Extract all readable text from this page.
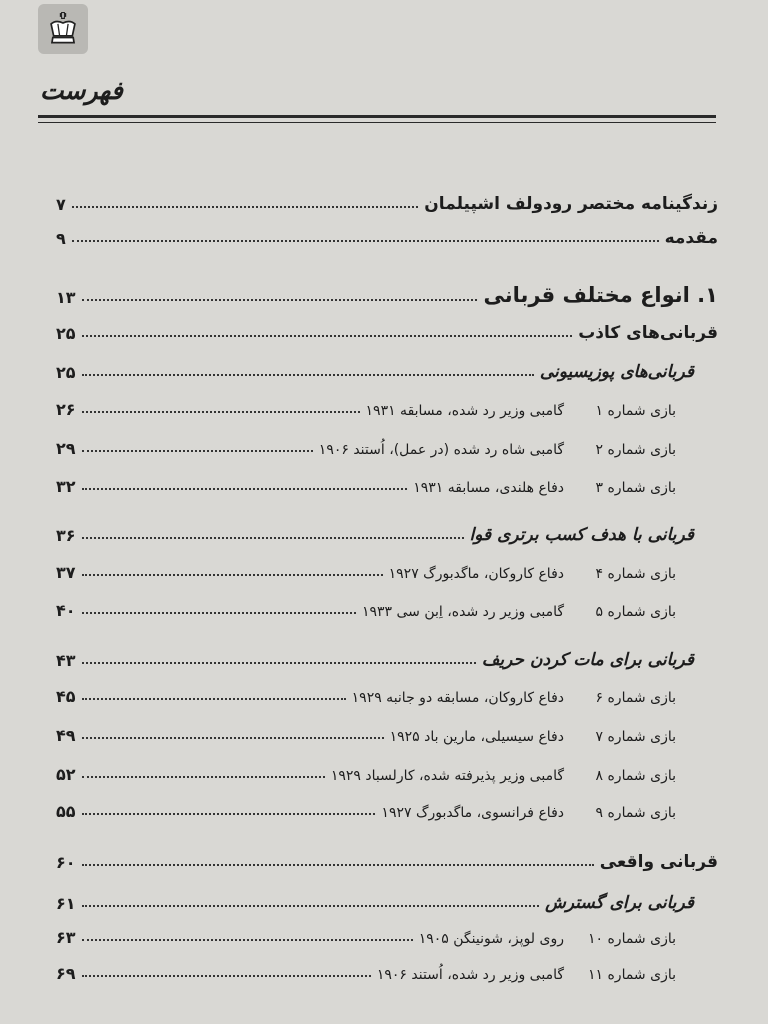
فهرست
زندگینامه مختصر رودولف اشپیلمان
۷
مقدمه
۹
۱. انواع مختلف قربانی
۱۳
قربانی‌های کاذب
۲۵
قربانی‌های پوزیسیونی
۲۵
بازی شماره ۱
گامبی وزیر رد شده، مسابقه ۱۹۳۱
۲۶
بازی شماره ۲
گامبی شاه رد شده (در عمل)، اُستند ۱۹۰۶
۲۹
بازی شماره ۳
دفاع هلندی، مسابقه ۱۹۳۱
۳۲
قربانی با هدف کسب برتری قوا
۳۶
بازی شماره ۴
دفاع کاروکان، ماگدبورگ ۱۹۲۷
۳۷
بازی شماره ۵
گامبی وزیر رد شده، اِبن سی ۱۹۳۳
۴۰
قربانی برای مات کردن حریف
۴۳
بازی شماره ۶
دفاع کاروکان، مسابقه دو جانبه ۱۹۲۹
۴۵
بازی شماره ۷
دفاع سیسیلی، مارین باد ۱۹۲۵
۴۹
بازی شماره ۸
گامبی وزیر پذیرفته شده، کارلسباد ۱۹۲۹
۵۲
بازی شماره ۹
دفاع فرانسوی، ماگدبورگ ۱۹۲۷
۵۵
قربانی واقعی
۶۰
قربانی برای گسترش
۶۱
بازی شماره ۱۰
روی لوپز، شونینگن ۱۹۰۵
۶۳
بازی شماره ۱۱
گامبی وزیر رد شده، اُستند ۱۹۰۶
۶۹
